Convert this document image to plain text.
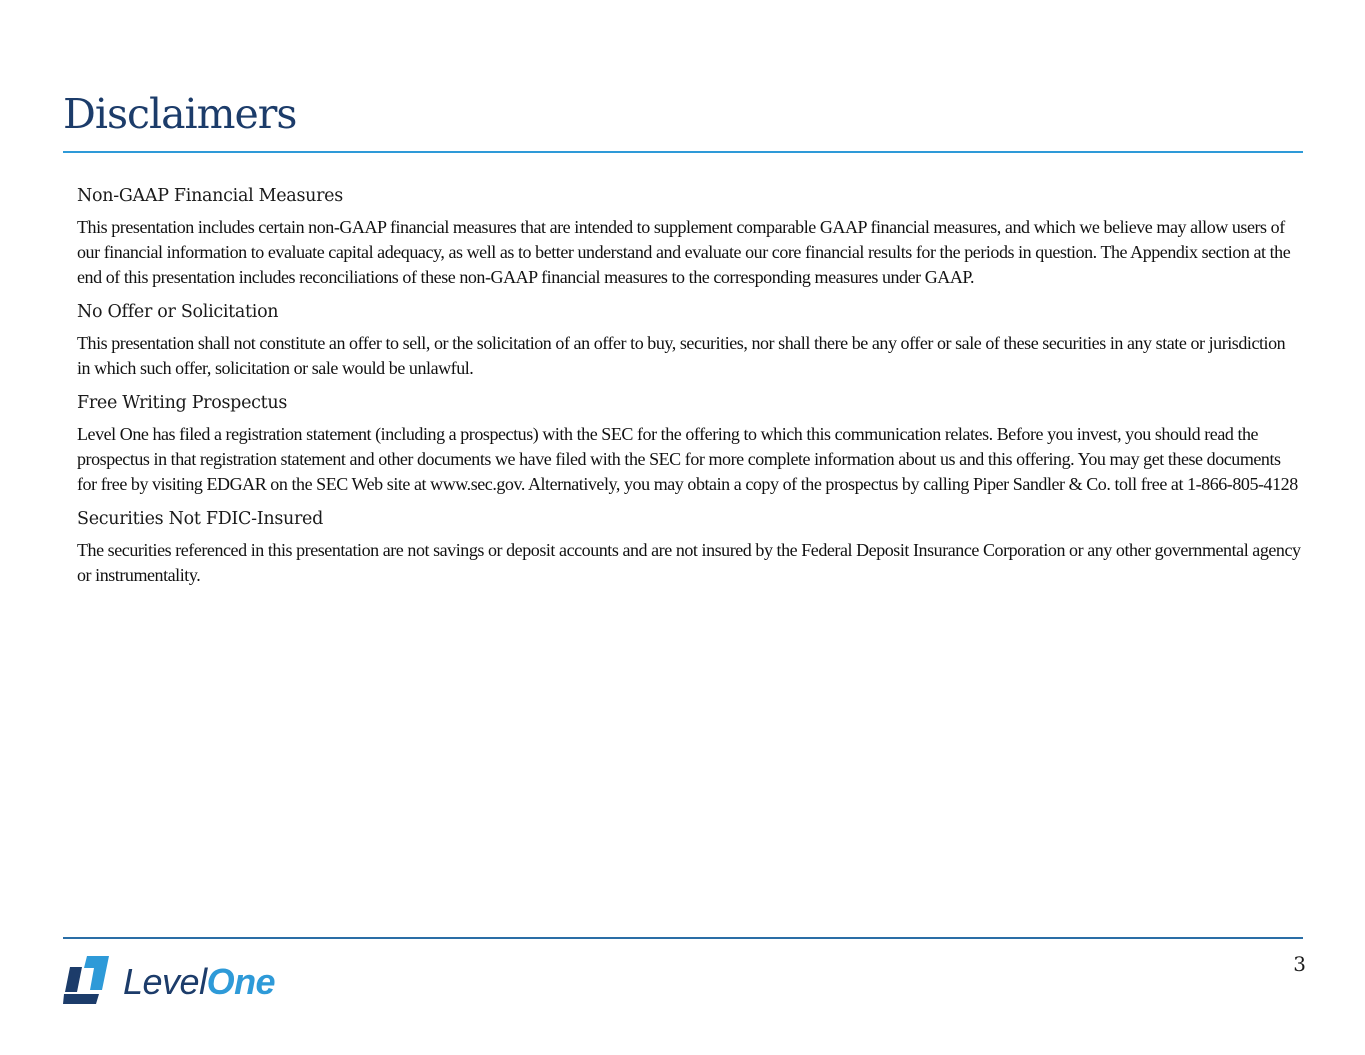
Disclaimers
Non-GAAP Financial Measures

This presentation includes certain non-GAAP financial measures that are intended to supplement comparable GAAP financial measures, and which we believe may allow users of our financial information to evaluate capital adequacy, as well as to better understand and evaluate our core financial results for the periods in question. The Appendix section at the end of this presentation includes reconciliations of these non-GAAP financial measures to the corresponding measures under GAAP.

No Offer or Solicitation

This presentation shall not constitute an offer to sell, or the solicitation of an offer to buy, securities, nor shall there be any offer or sale of these securities in any state or jurisdiction in which such offer, solicitation or sale would be unlawful.

Free Writing Prospectus

Level One has filed a registration statement (including a prospectus) with the SEC for the offering to which this communication relates. Before you invest, you should read the prospectus in that registration statement and other documents we have filed with the SEC for more complete information about us and this offering. You may get these documents for free by visiting EDGAR on the SEC Web site at www.sec.gov. Alternatively, you may obtain a copy of the prospectus by calling Piper Sandler & Co. toll free at 1-866-805-4128

Securities Not FDIC-Insured

The securities referenced in this presentation are not savings or deposit accounts and are not insured by the Federal Deposit Insurance Corporation or any other governmental agency or instrumentality.

LevelOne	3
